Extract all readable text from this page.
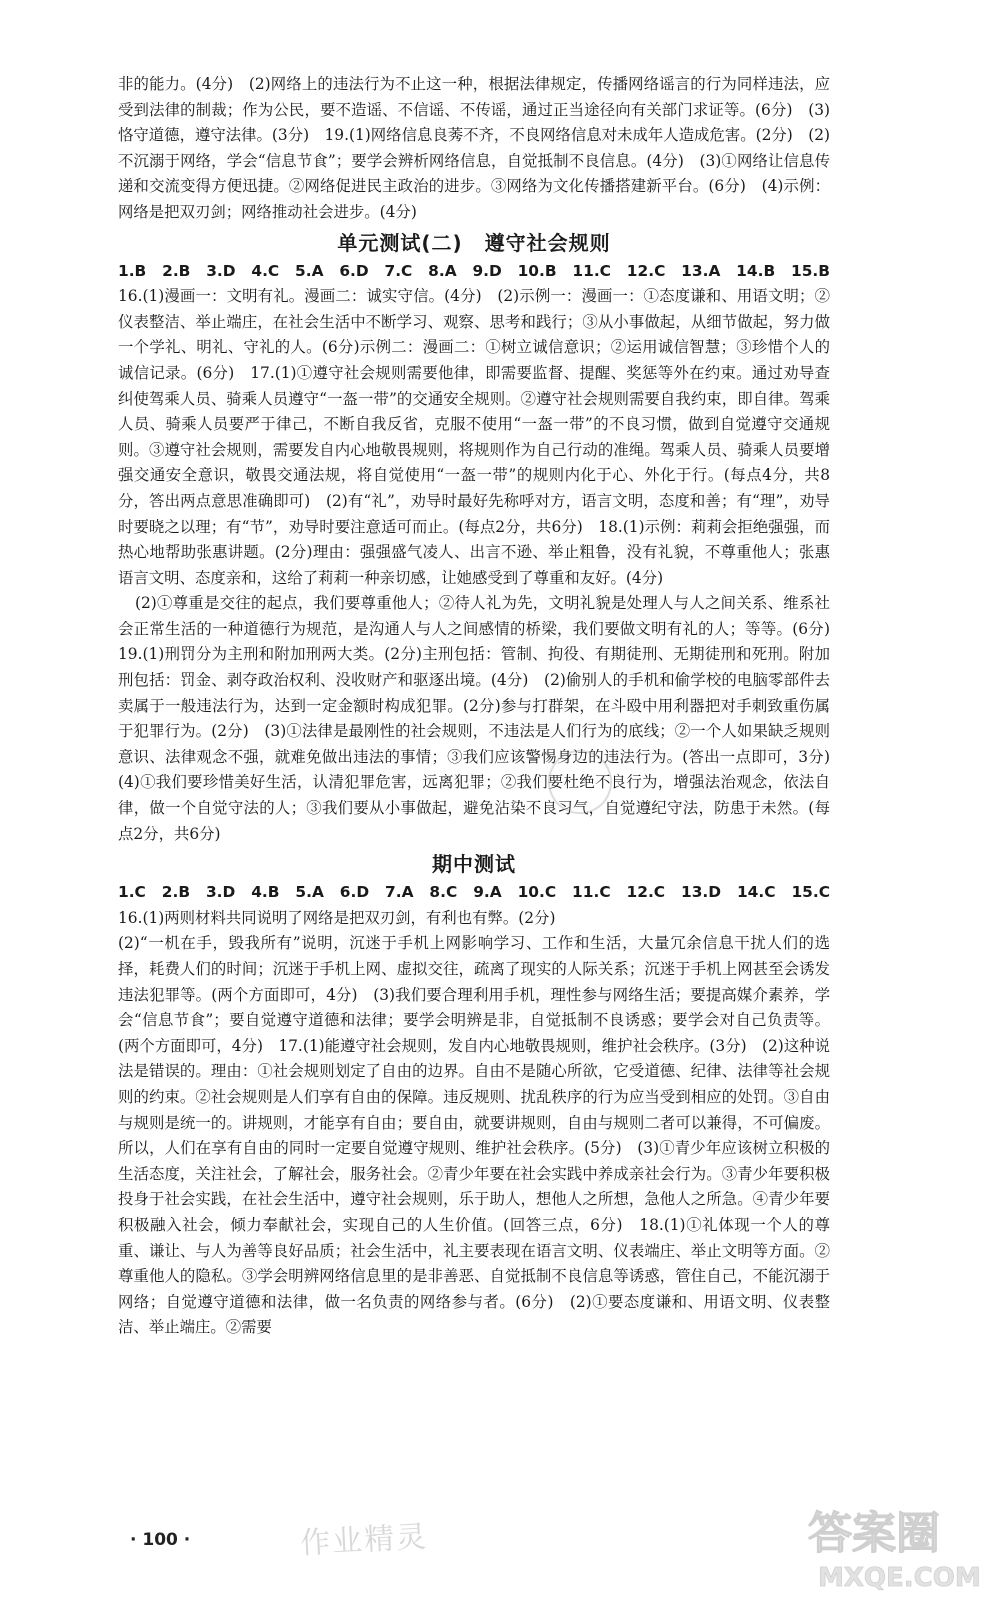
非的能力。(4分)　(2)网络上的违法行为不止这一种，根据法律规定，传播网络谣言的行为同样违法，应受到法律的制裁；作为公民，要不造谣、不信谣、不传谣，通过正当途径向有关部门求证等。(6分)　(3)恪守道德，遵守法律。(3分)　19.(1)网络信息良莠不齐，不良网络信息对未成年人造成危害。(2分)　(2)不沉溺于网络，学会“信息节食”；要学会辨析网络信息，自觉抵制不良信息。(4分)　(3)①网络让信息传递和交流变得方便迅捷。②网络促进民主政治的进步。③网络为文化传播搭建新平台。(6分)　(4)示例：网络是把双刃剑；网络推动社会进步。(4分)

单元测试(二) 遵守社会规则

1.B　2.B　3.D　4.C　5.A　6.D　7.C　8.A　9.D　10.B　11.C　12.C　13.A　14.B　15.B　16.(1)漫画一：文明有礼。漫画二：诚实守信。(4分)　(2)示例一：漫画一：①态度谦和、用语文明；②仪表整洁、举止端庄，在社会生活中不断学习、观察、思考和践行；③从小事做起，从细节做起，努力做一个学礼、明礼、守礼的人。(6分)示例二：漫画二：①树立诚信意识；②运用诚信智慧；③珍惜个人的诚信记录。(6分)　17.(1)①遵守社会规则需要他律，即需要监督、提醒、奖惩等外在约束。通过劝导查纠使驾乘人员、骑乘人员遵守“一盔一带”的交通安全规则。②遵守社会规则需要自我约束，即自律。驾乘人员、骑乘人员要严于律己，不断自我反省，克服不使用“一盔一带”的不良习惯，做到自觉遵守交通规则。③遵守社会规则，需要发自内心地敬畏规则，将规则作为自己行动的准绳。驾乘人员、骑乘人员要增强交通安全意识，敬畏交通法规，将自觉使用“一盔一带”的规则内化于心、外化于行。(每点4分，共8分，答出两点意思准确即可)　(2)有“礼”，劝导时最好先称呼对方，语言文明，态度和善；有“理”，劝导时要晓之以理；有“节”，劝导时要注意适可而止。(每点2分，共6分)　18.(1)示例：莉莉会拒绝强强，而热心地帮助张惠讲题。(2分)理由：强强盛气凌人、出言不逊、举止粗鲁，没有礼貌，不尊重他人；张惠语言文明、态度亲和，这给了莉莉一种亲切感，让她感受到了尊重和友好。(4分)

(2)①尊重是交往的起点，我们要尊重他人；②待人礼为先，文明礼貌是处理人与人之间关系、维系社会正常生活的一种道德行为规范，是沟通人与人之间感情的桥梁，我们要做文明有礼的人；等等。(6分)　19.(1)刑罚分为主刑和附加刑两大类。(2分)主刑包括：管制、拘役、有期徒刑、无期徒刑和死刑。附加刑包括：罚金、剥夺政治权利、没收财产和驱逐出境。(4分)　(2)偷别人的手机和偷学校的电脑零部件去卖属于一般违法行为，达到一定金额时构成犯罪。(2分)参与打群架，在斗殴中用利器把对手刺致重伤属于犯罪行为。(2分)　(3)①法律是最刚性的社会规则，不违法是人们行为的底线；②一个人如果缺乏规则意识、法律观念不强，就难免做出违法的事情；③我们应该警惕身边的违法行为。(答出一点即可，3分)　(4)①我们要珍惜美好生活，认清犯罪危害，远离犯罪；②我们要杜绝不良行为，增强法治观念，依法自律，做一个自觉守法的人；③我们要从小事做起，避免沾染不良习气，自觉遵纪守法，防患于未然。(每点2分，共6分)

期中测试

1.C　2.B　3.D　4.B　5.A　6.D　7.A　8.C　9.A　10.C　11.C　12.C　13.D　14.C　15.C　16.(1)两则材料共同说明了网络是把双刃剑，有利也有弊。(2分)

(2)“一机在手，毁我所有”说明，沉迷于手机上网影响学习、工作和生活，大量冗余信息干扰人们的选择，耗费人们的时间；沉迷于手机上网、虚拟交往，疏离了现实的人际关系；沉迷于手机上网甚至会诱发违法犯罪等。(两个方面即可，4分)　(3)我们要合理利用手机，理性参与网络生活；要提高媒介素养，学会“信息节食”；要自觉遵守道德和法律；要学会明辨是非，自觉抵制不良诱惑；要学会对自己负责等。(两个方面即可，4分)　17.(1)能遵守社会规则，发自内心地敬畏规则，维护社会秩序。(3分)　(2)这种说法是错误的。理由：①社会规则划定了自由的边界。自由不是随心所欲，它受道德、纪律、法律等社会规则的约束。②社会规则是人们享有自由的保障。违反规则、扰乱秩序的行为应当受到相应的处罚。③自由与规则是统一的。讲规则，才能享有自由；要自由，就要讲规则，自由与规则二者可以兼得，不可偏废。所以，人们在享有自由的同时一定要自觉遵守规则、维护社会秩序。(5分)　(3)①青少年应该树立积极的生活态度，关注社会，了解社会，服务社会。②青少年要在社会实践中养成亲社会行为。③青少年要积极投身于社会实践，在社会生活中，遵守社会规则，乐于助人，想他人之所想，急他人之所急。④青少年要积极融入社会，倾力奉献社会，实现自己的人生价值。(回答三点，6分)　18.(1)①礼体现一个人的尊重、谦让、与人为善等良好品质；社会生活中，礼主要表现在语言文明、仪表端庄、举止文明等方面。②尊重他人的隐私。③学会明辨网络信息里的是非善恶、自觉抵制不良信息等诱惑，管住自己，不能沉溺于网络；自觉遵守道德和法律，做一名负责的网络参与者。(6分)　(2)①要态度谦和、用语文明、仪表整洁、举止端庄。②需要

· 100 ·	作业精灵	答案圈
MXQE.COM
